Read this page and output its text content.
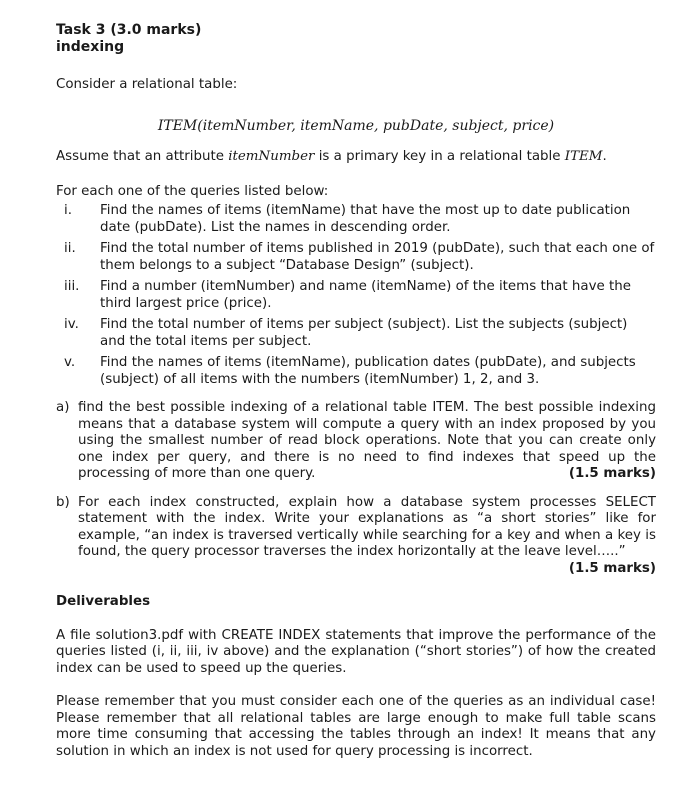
Task 3 (3.0 marks)
indexing

Consider a relational table:

ITEM(itemNumber, itemName, pubDate, subject, price)

Assume that an attribute itemNumber is a primary key in a relational table ITEM.

For each one of the queries listed below:

i.	Find the names of items (itemName) that have the most up to date publication date (pubDate). List the names in descending order.
ii.	Find the total number of items published in 2019 (pubDate), such that each one of them belongs to a subject “Database Design” (subject).
iii.	Find a number (itemNumber) and name (itemName) of the items that have the third largest price (price).
iv.	Find the total number of items per subject (subject). List the subjects (subject) and the total items per subject.
v.	Find the names of items (itemName), publication dates (pubDate), and subjects (subject) of all items with the numbers (itemNumber) 1, 2, and 3.
a) find the best possible indexing of a relational table ITEM. The best possible indexing means that a database system will compute a query with an index proposed by you using the smallest number of read block operations. Note that you can create only one index per query, and there is no need to find indexes that speed up the processing of more than one query.	(1.5 marks)
b) For each index constructed, explain how a database system processes SELECT statement with the index. Write your explanations as “a short stories” like for example, “an index is traversed vertically while searching for a key and when a key is found, the query processor traverses the index horizontally at the leave level…..”
(1.5 marks)
Deliverables

A file solution3.pdf with CREATE INDEX statements that improve the performance of the queries listed (i, ii, iii, iv above) and the explanation (“short stories”) of how the created index can be used to speed up the queries.

Please remember that you must consider each one of the queries as an individual case! Please remember that all relational tables are large enough to make full table scans more time consuming that accessing the tables through an index! It means that any solution in which an index is not used for query processing is incorrect.
